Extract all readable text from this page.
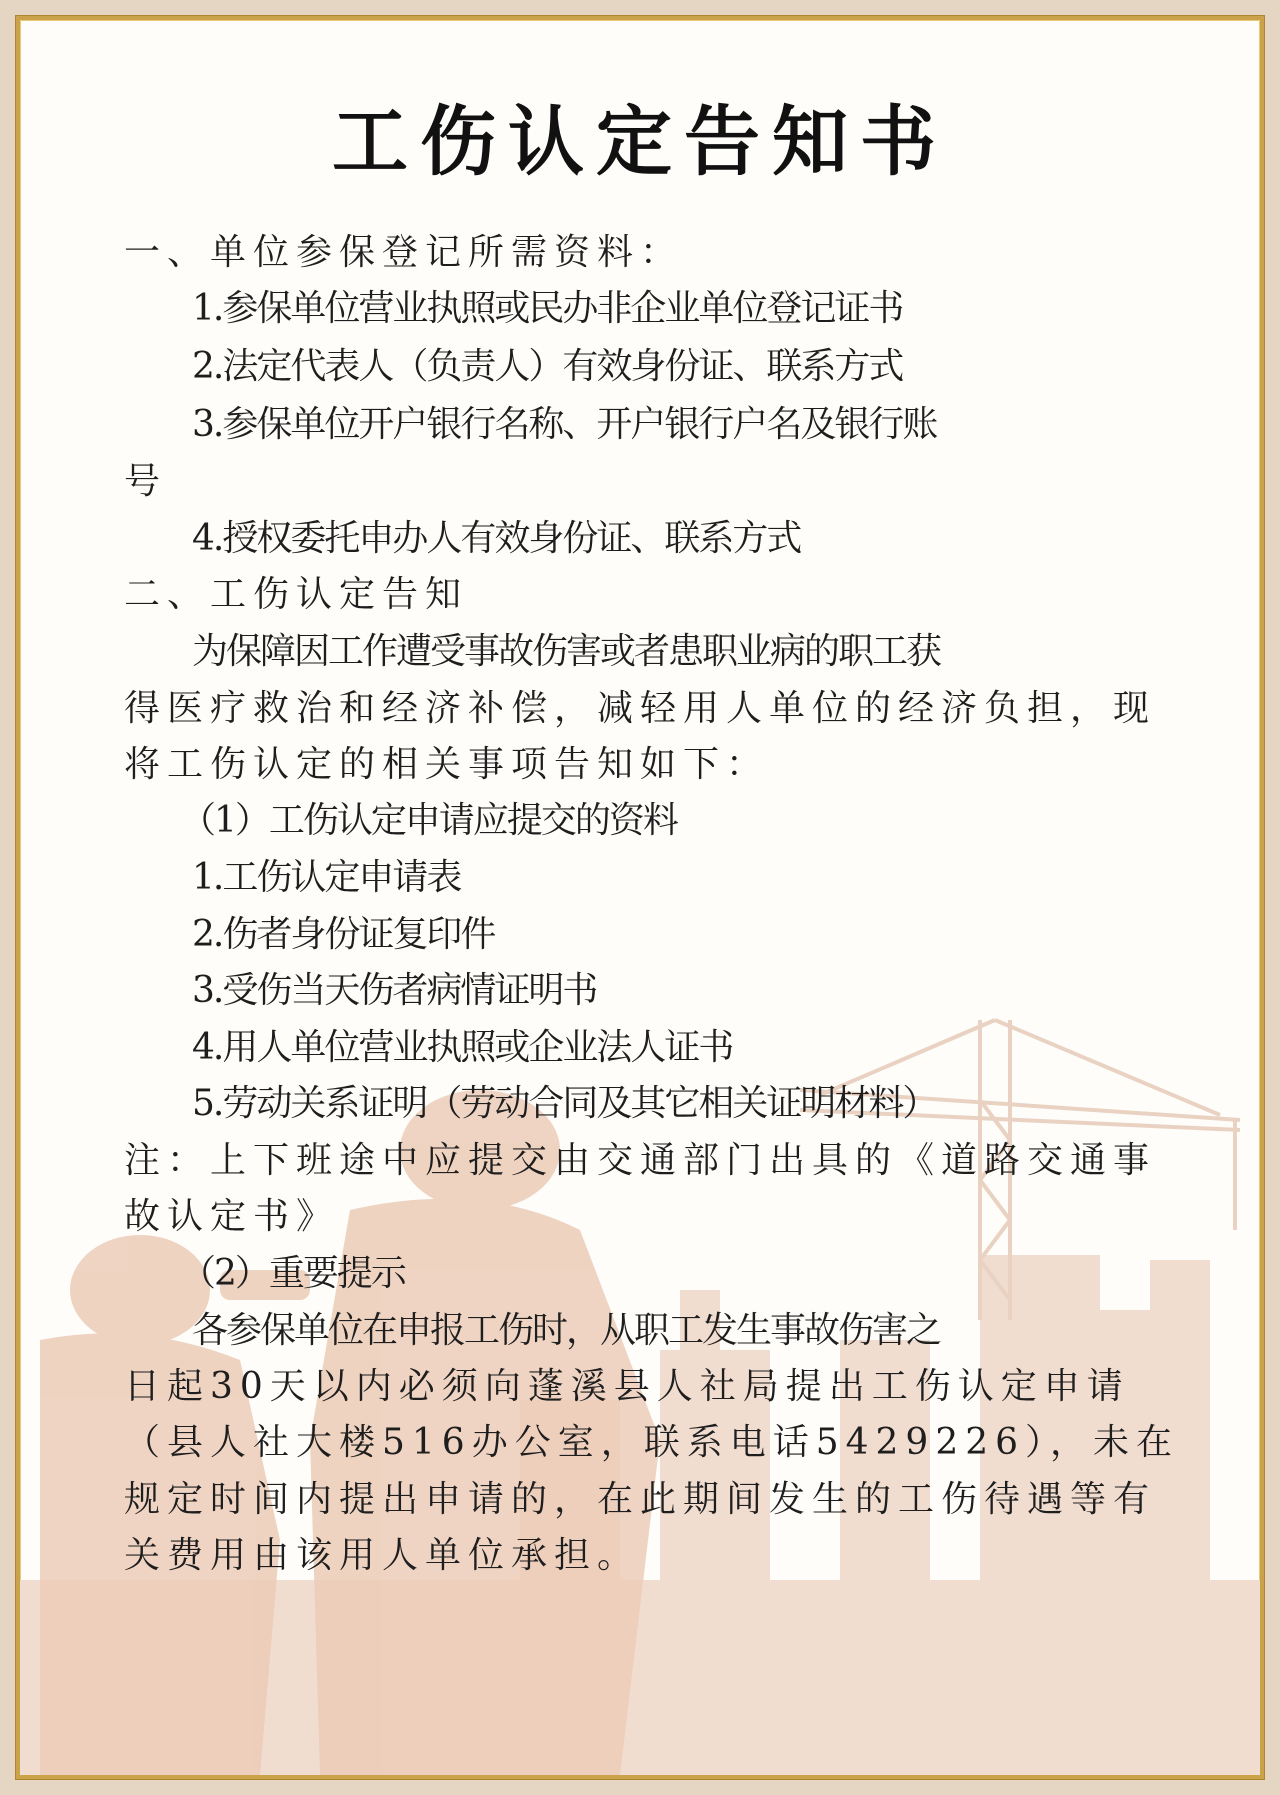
工伤认定告知书

一、单位参保登记所需资料：

1.参保单位营业执照或民办非企业单位登记证书

2.法定代表人（负责人）有效身份证、联系方式

3.参保单位开户银行名称、开户银行户名及银行账

号

4.授权委托申办人有效身份证、联系方式

二、工伤认定告知

为保障因工作遭受事故伤害或者患职业病的职工获

得医疗救治和经济补偿，减轻用人单位的经济负担，现

将工伤认定的相关事项告知如下：

（1）工伤认定申请应提交的资料

1.工伤认定申请表

2.伤者身份证复印件

3.受伤当天伤者病情证明书

4.用人单位营业执照或企业法人证书

5.劳动关系证明（劳动合同及其它相关证明材料）

注：上下班途中应提交由交通部门出具的《道路交通事

故认定书》

（2）重要提示

各参保单位在申报工伤时，从职工发生事故伤害之

日起30天以内必须向蓬溪县人社局提出工伤认定申请

（县人社大楼516办公室，联系电话5429226），未在

规定时间内提出申请的，在此期间发生的工伤待遇等有

关费用由该用人单位承担。
